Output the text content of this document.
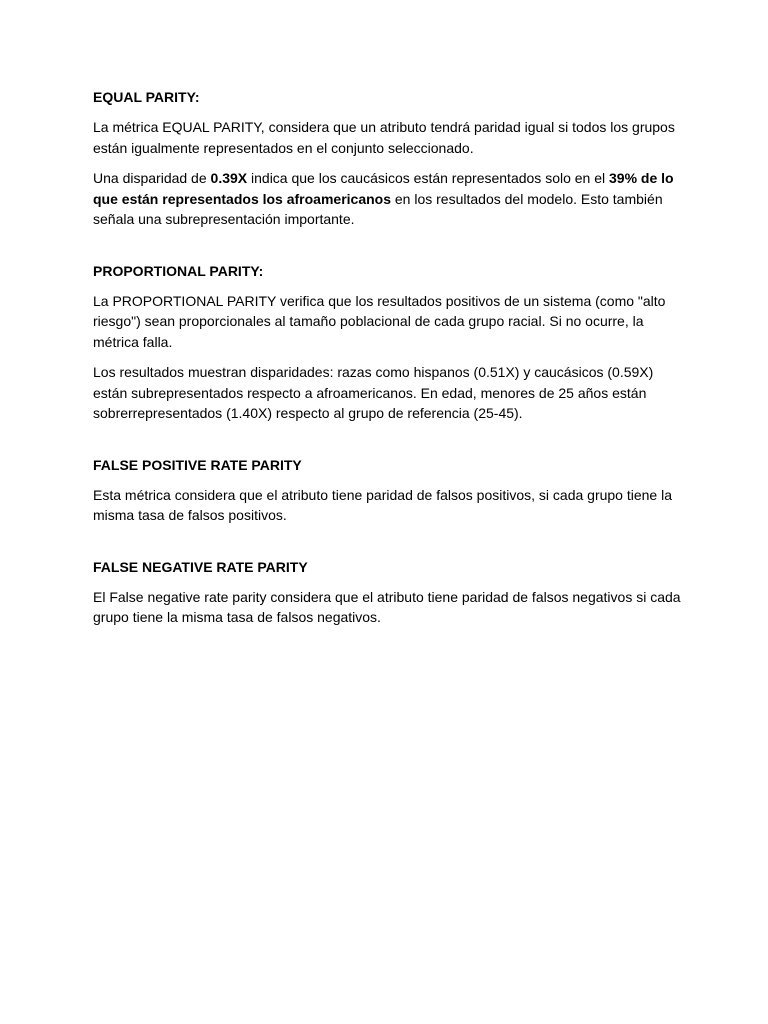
EQUAL PARITY:

La métrica EQUAL PARITY, considera que un atributo tendrá paridad igual si todos los grupos están igualmente representados en el conjunto seleccionado.

Una disparidad de 0.39X indica que los caucásicos están representados solo en el 39% de lo que están representados los afroamericanos en los resultados del modelo. Esto también señala una subrepresentación importante.

PROPORTIONAL PARITY:

La PROPORTIONAL PARITY verifica que los resultados positivos de un sistema (como "alto riesgo") sean proporcionales al tamaño poblacional de cada grupo racial. Si no ocurre, la métrica falla.

Los resultados muestran disparidades: razas como hispanos (0.51X) y caucásicos (0.59X) están subrepresentados respecto a afroamericanos. En edad, menores de 25 años están sobrerrepresentados (1.40X) respecto al grupo de referencia (25-45).

FALSE POSITIVE RATE PARITY

Esta métrica considera que el atributo tiene paridad de falsos positivos, si cada grupo tiene la misma tasa de falsos positivos.

FALSE NEGATIVE RATE PARITY

El False negative rate parity considera que el atributo tiene paridad de falsos negativos si cada grupo tiene la misma tasa de falsos negativos.
